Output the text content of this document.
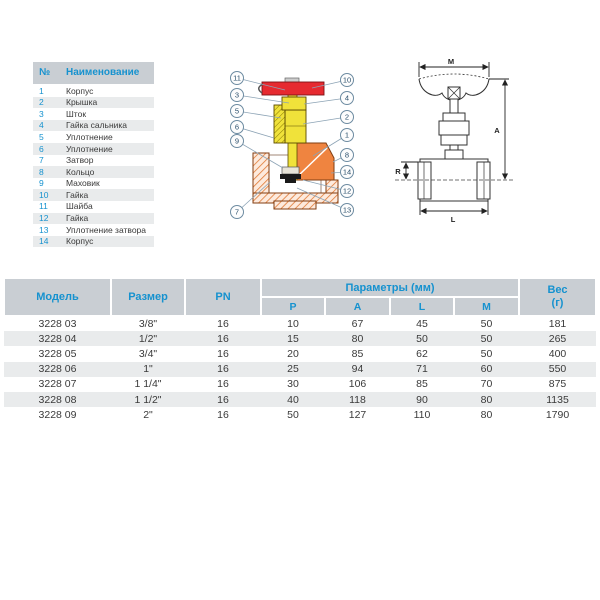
№	Наименование
1	Корпус
2	Крышка
3	Шток
4	Гайка сальника
5	Уплотнение
6	Уплотнение
7	Затвор
8	Кольцо
9	Маховик
10	Гайка
11	Шайба
12	Гайка
13	Уплотнение затвора
14	Корпус
11
3
5
6
9
7
10
4
2
1
8
14
12
13
M
A
R
L
Модель	Размер	PN	Параметры (мм)				Вес
(г)

			P	A	L	M	
3228 03	3/8"	16	10	67	45	50	181
3228 04	1/2"	16	15	80	50	50	265
3228 05	3/4"	16	20	85	62	50	400
3228 06	1"	16	25	94	71	60	550
3228 07	1 1/4"	16	30	106	85	70	875
3228 08	1 1/2"	16	40	118	90	80	1135
3228 09	2"	16	50	127	110	80	1790
